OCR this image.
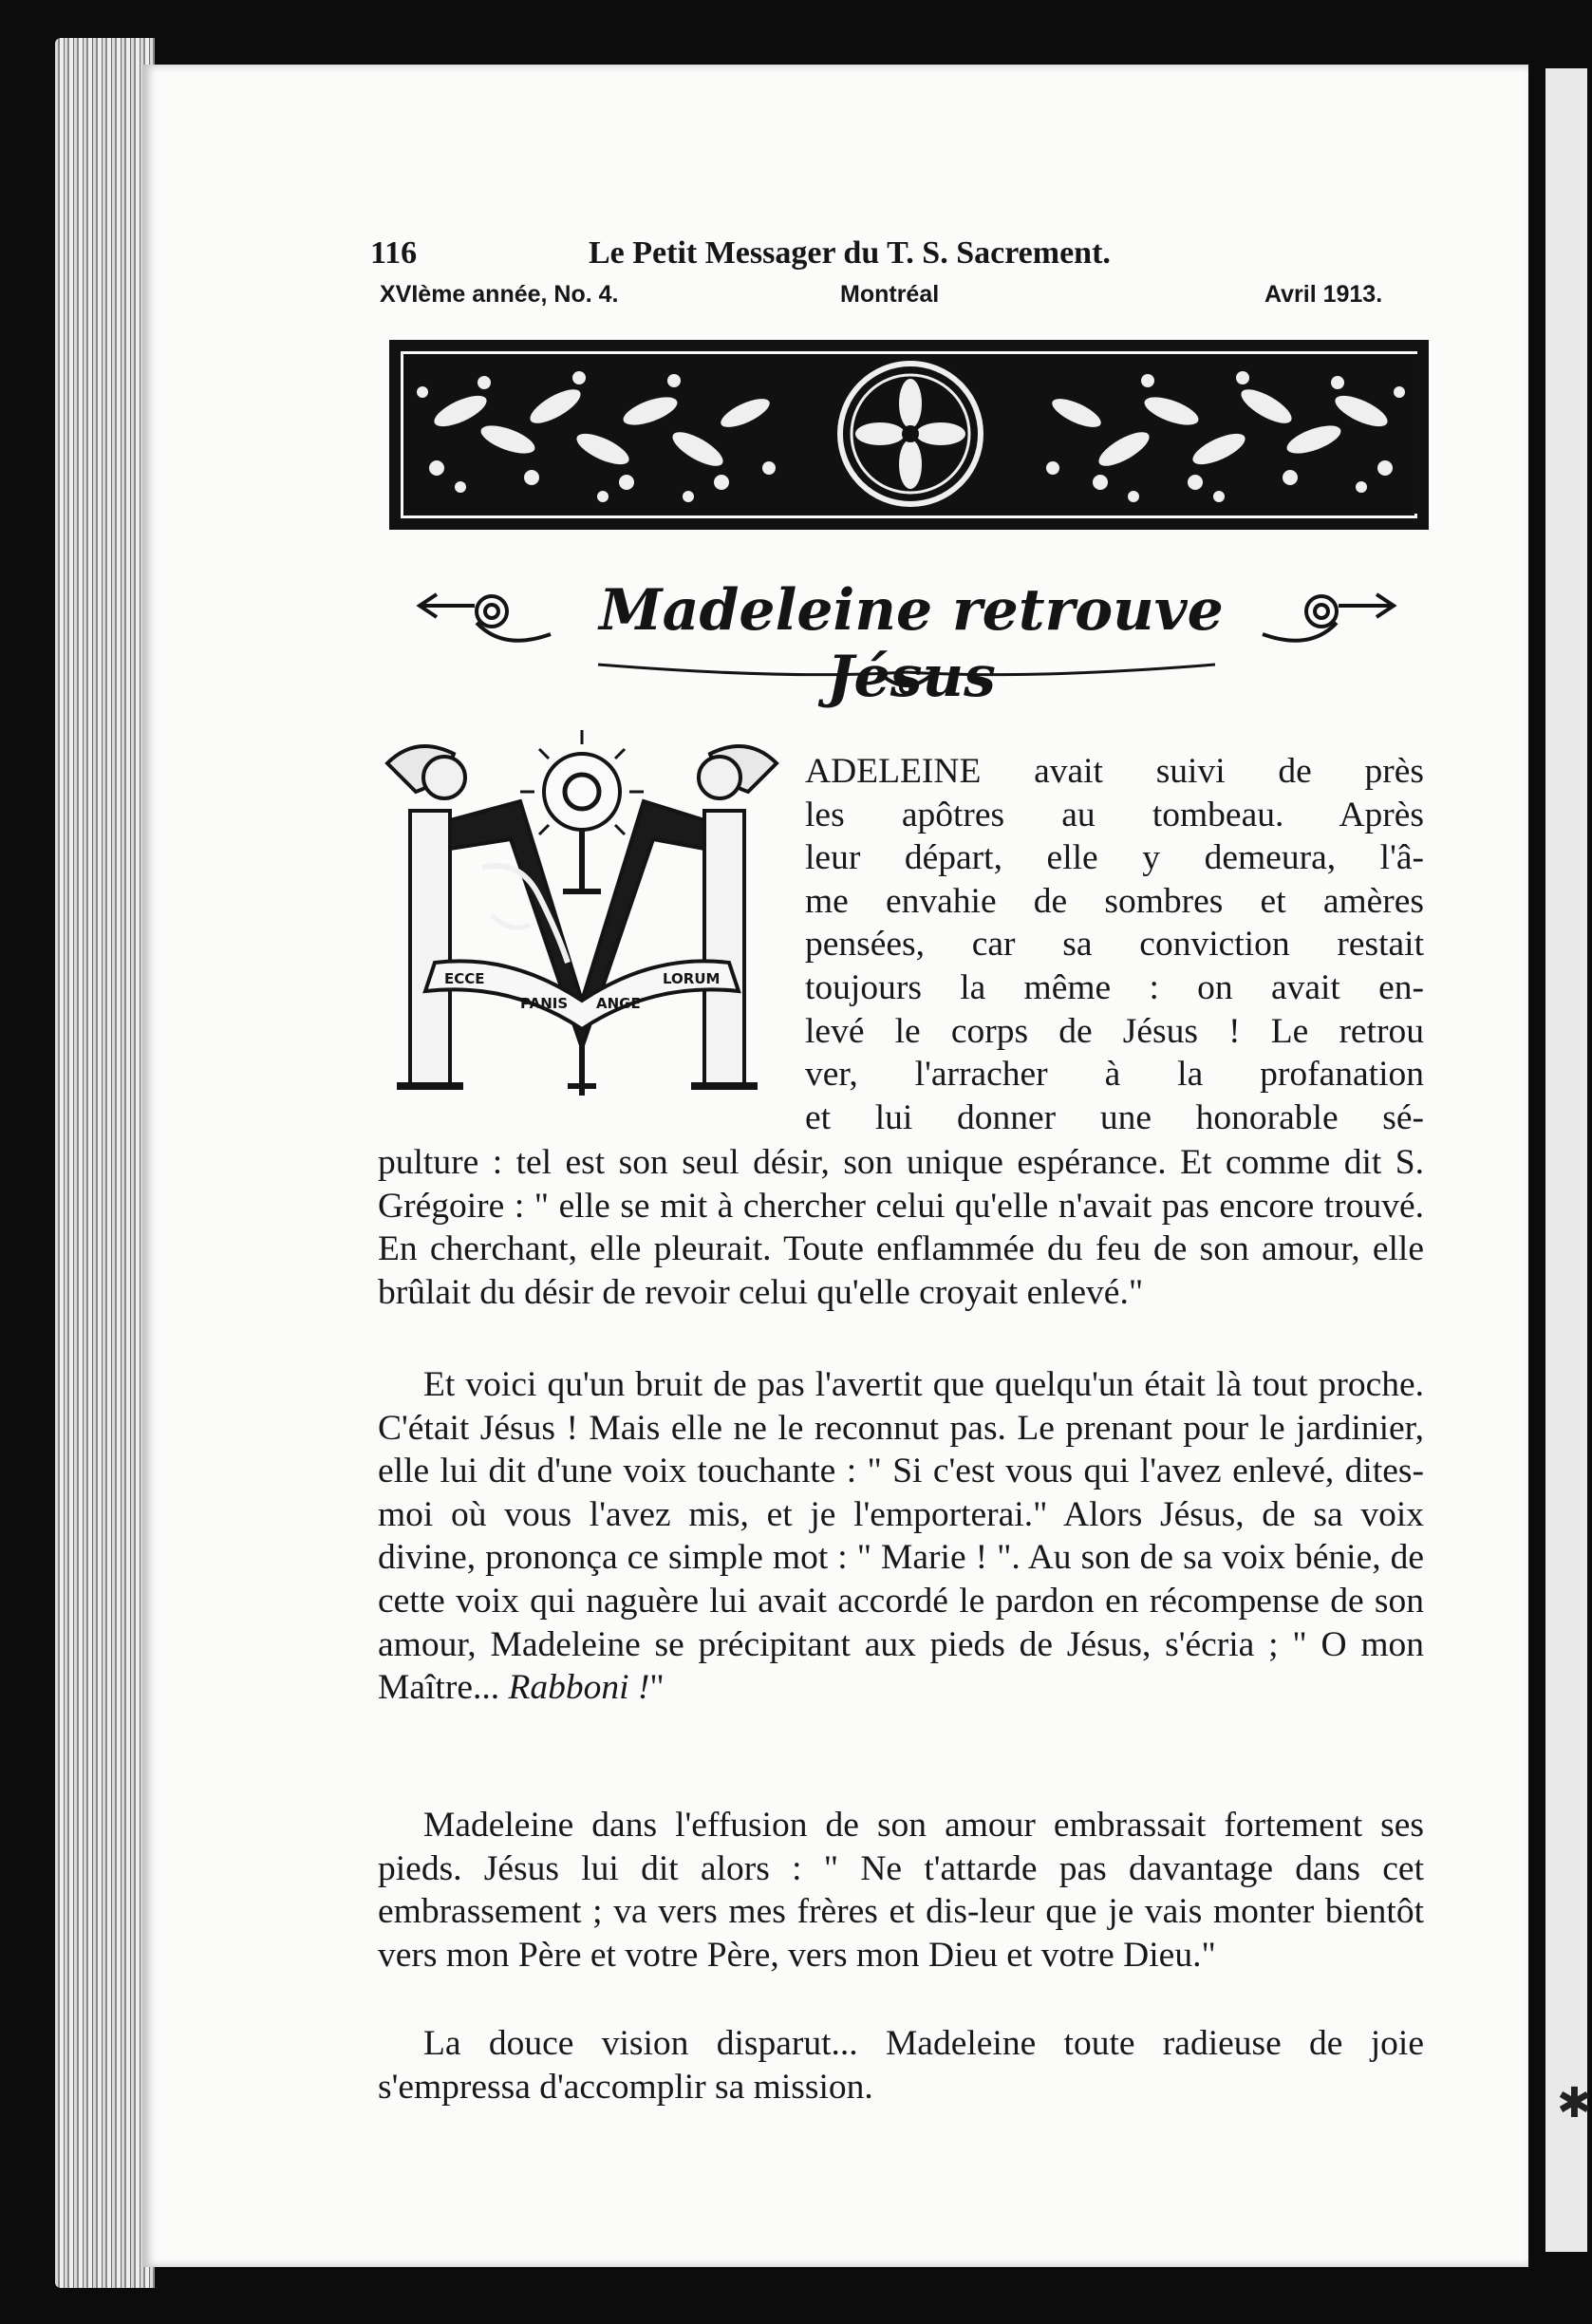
116	Le Petit Messager du T. S. Sacrement.
XVIème année, No. 4.	Montréal	Avril 1913.
Madeleine retrouve Jésus
ECCE
PANIS ANGE
LORUM

ADELEINE avait suivi de près

les apôtres au tombeau. Après

leur départ, elle y demeura, l'â-

me envahie de sombres et amères

pensées, car sa conviction restait

toujours la même : on avait en-

levé le corps de Jésus ! Le retrou

ver, l'arracher à la profanation

et lui donner une honorable sé-

pulture : tel est son seul désir, son unique espérance. Et comme dit S. Grégoire : " elle se mit à chercher celui qu'elle n'avait pas encore trouvé. En cherchant, elle pleurait. Toute enflammée du feu de son amour, elle brûlait du désir de revoir celui qu'elle croyait enlevé."

Et voici qu'un bruit de pas l'avertit que quelqu'un était là tout proche. C'était Jésus ! Mais elle ne le reconnut pas. Le prenant pour le jardinier, elle lui dit d'une voix touchante : " Si c'est vous qui l'avez enlevé, dites-moi où vous l'avez mis, et je l'emporterai." Alors Jésus, de sa voix divine, prononça ce simple mot : " Marie ! ". Au son de sa voix bénie, de cette voix qui naguère lui avait accordé le pardon en récompense de son amour, Madeleine se précipitant aux pieds de Jésus, s'écria ; " O mon Maître... Rabboni !"

Madeleine dans l'effusion de son amour embrassait fortement ses pieds. Jésus lui dit alors : " Ne t'attarde pas davantage dans cet embrassement ; va vers mes frères et dis-leur que je vais monter bientôt vers mon Père et votre Père, vers mon Dieu et votre Dieu."

La douce vision disparut... Madeleine toute radieuse de joie s'empressa d'accomplir sa mission.	✱
